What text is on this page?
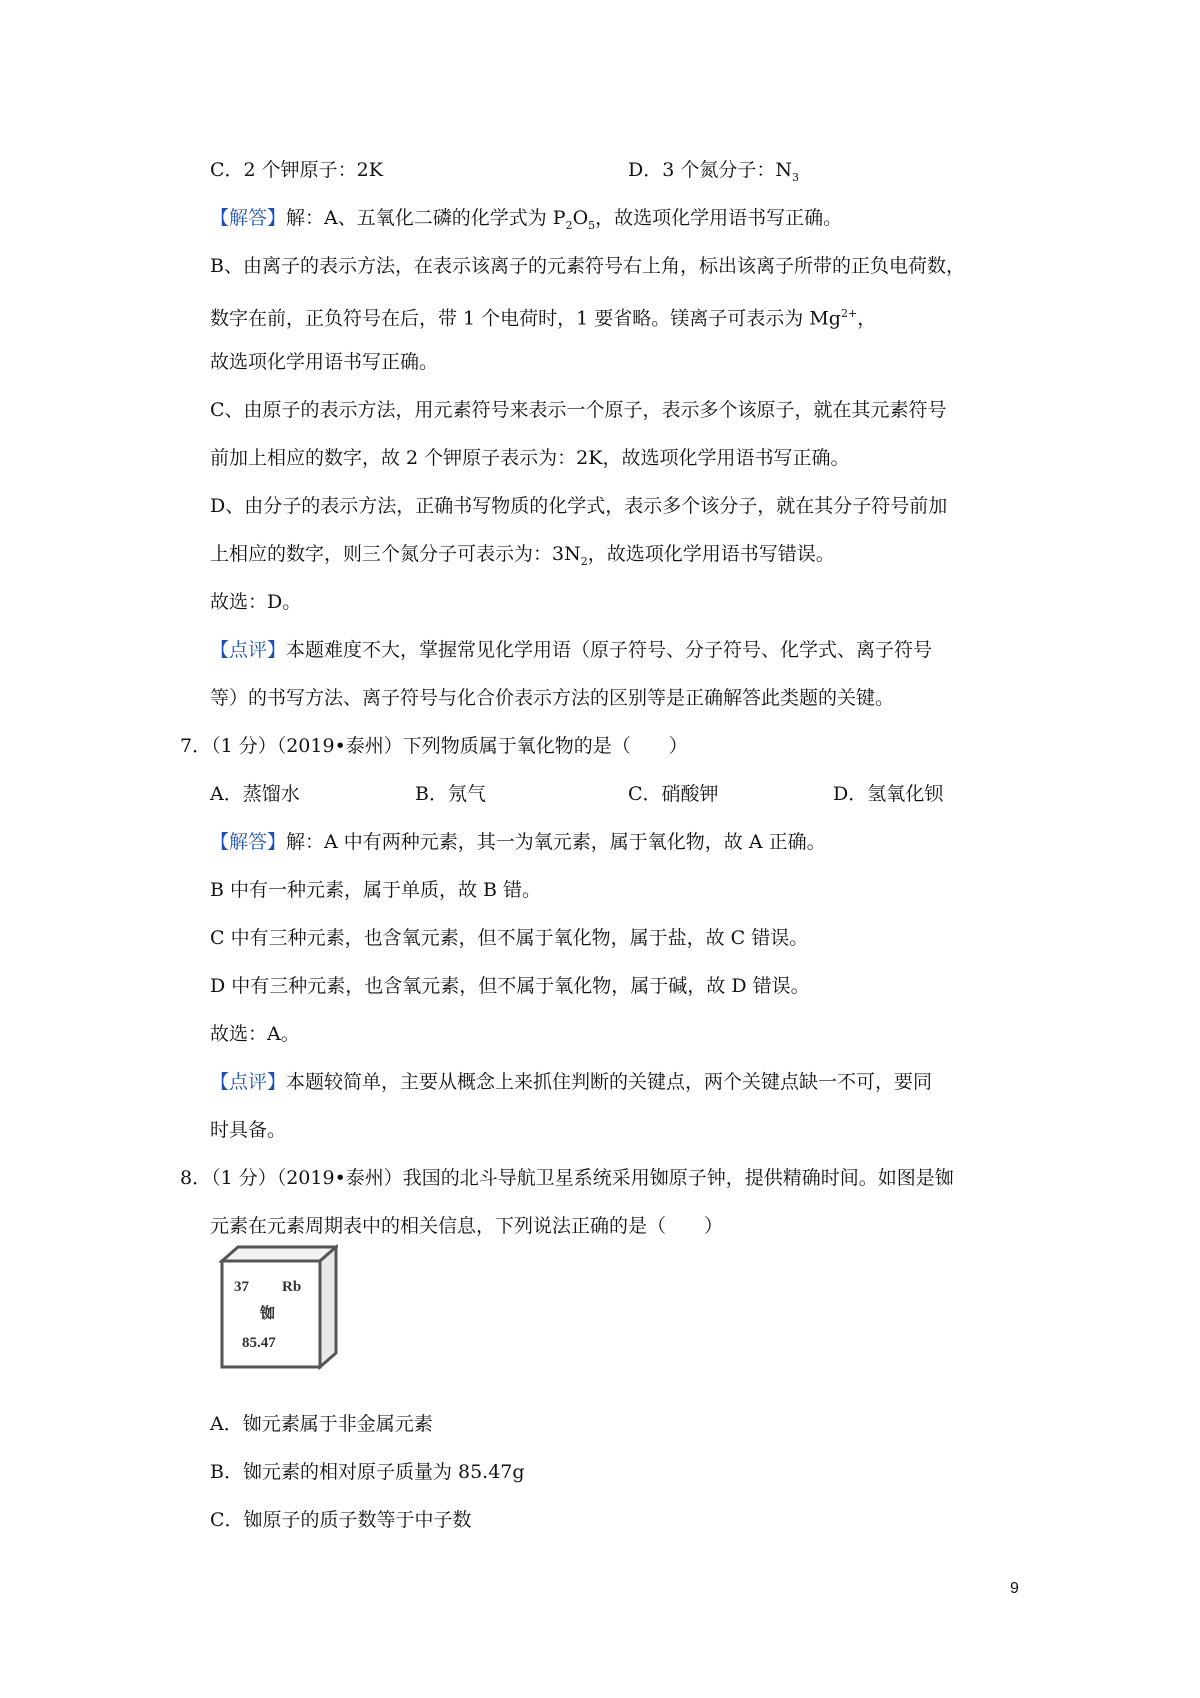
C．2 个钾原子：2K	D．3 个氮分子：$N_3$
【解答】解：A、五氧化二磷的化学式为 $P_2O_5$，故选项化学用语书写正确。
B、由离子的表示方法，在表示该离子的元素符号右上角，标出该离子所带的正负电荷数，
数字在前，正负符号在后，带 1 个电荷时，1 要省略。镁离子可表示为 $Mg^{2+}$，
故选项化学用语书写正确。
C、由原子的表示方法，用元素符号来表示一个原子，表示多个该原子，就在其元素符号
前加上相应的数字，故 2 个钾原子表示为：2K，故选项化学用语书写正确。
D、由分子的表示方法，正确书写物质的化学式，表示多个该分子，就在其分子符号前加
上相应的数字，则三个氮分子可表示为：$3N_2$，故选项化学用语书写错误。
故选：D。
【点评】本题难度不大，掌握常见化学用语（原子符号、分子符号、化学式、离子符号
等）的书写方法、离子符号与化合价表示方法的区别等是正确解答此类题的关键。
7．（1 分）（2019•泰州）下列物质属于氧化物的是（　　）
A．蒸馏水	B．氖气	C．硝酸钾	D．氢氧化钡
【解答】解：A 中有两种元素，其一为氧元素，属于氧化物，故 A 正确。
B 中有一种元素，属于单质，故 B 错。
C 中有三种元素，也含氧元素，但不属于氧化物，属于盐，故 C 错误。
D 中有三种元素，也含氧元素，但不属于氧化物，属于碱，故 D 错误。
故选：A。
【点评】本题较简单，主要从概念上来抓住判断的关键点，两个关键点缺一不可，要同
时具备。
8．（1 分）（2019•泰州）我国的北斗导航卫星系统采用铷原子钟，提供精确时间。如图是铷
元素在元素周期表中的相关信息，下列说法正确的是（　　）
37 Rb
铷
85.47
A．铷元素属于非金属元素
B．铷元素的相对原子质量为 85.47g
C．铷原子的质子数等于中子数
9
